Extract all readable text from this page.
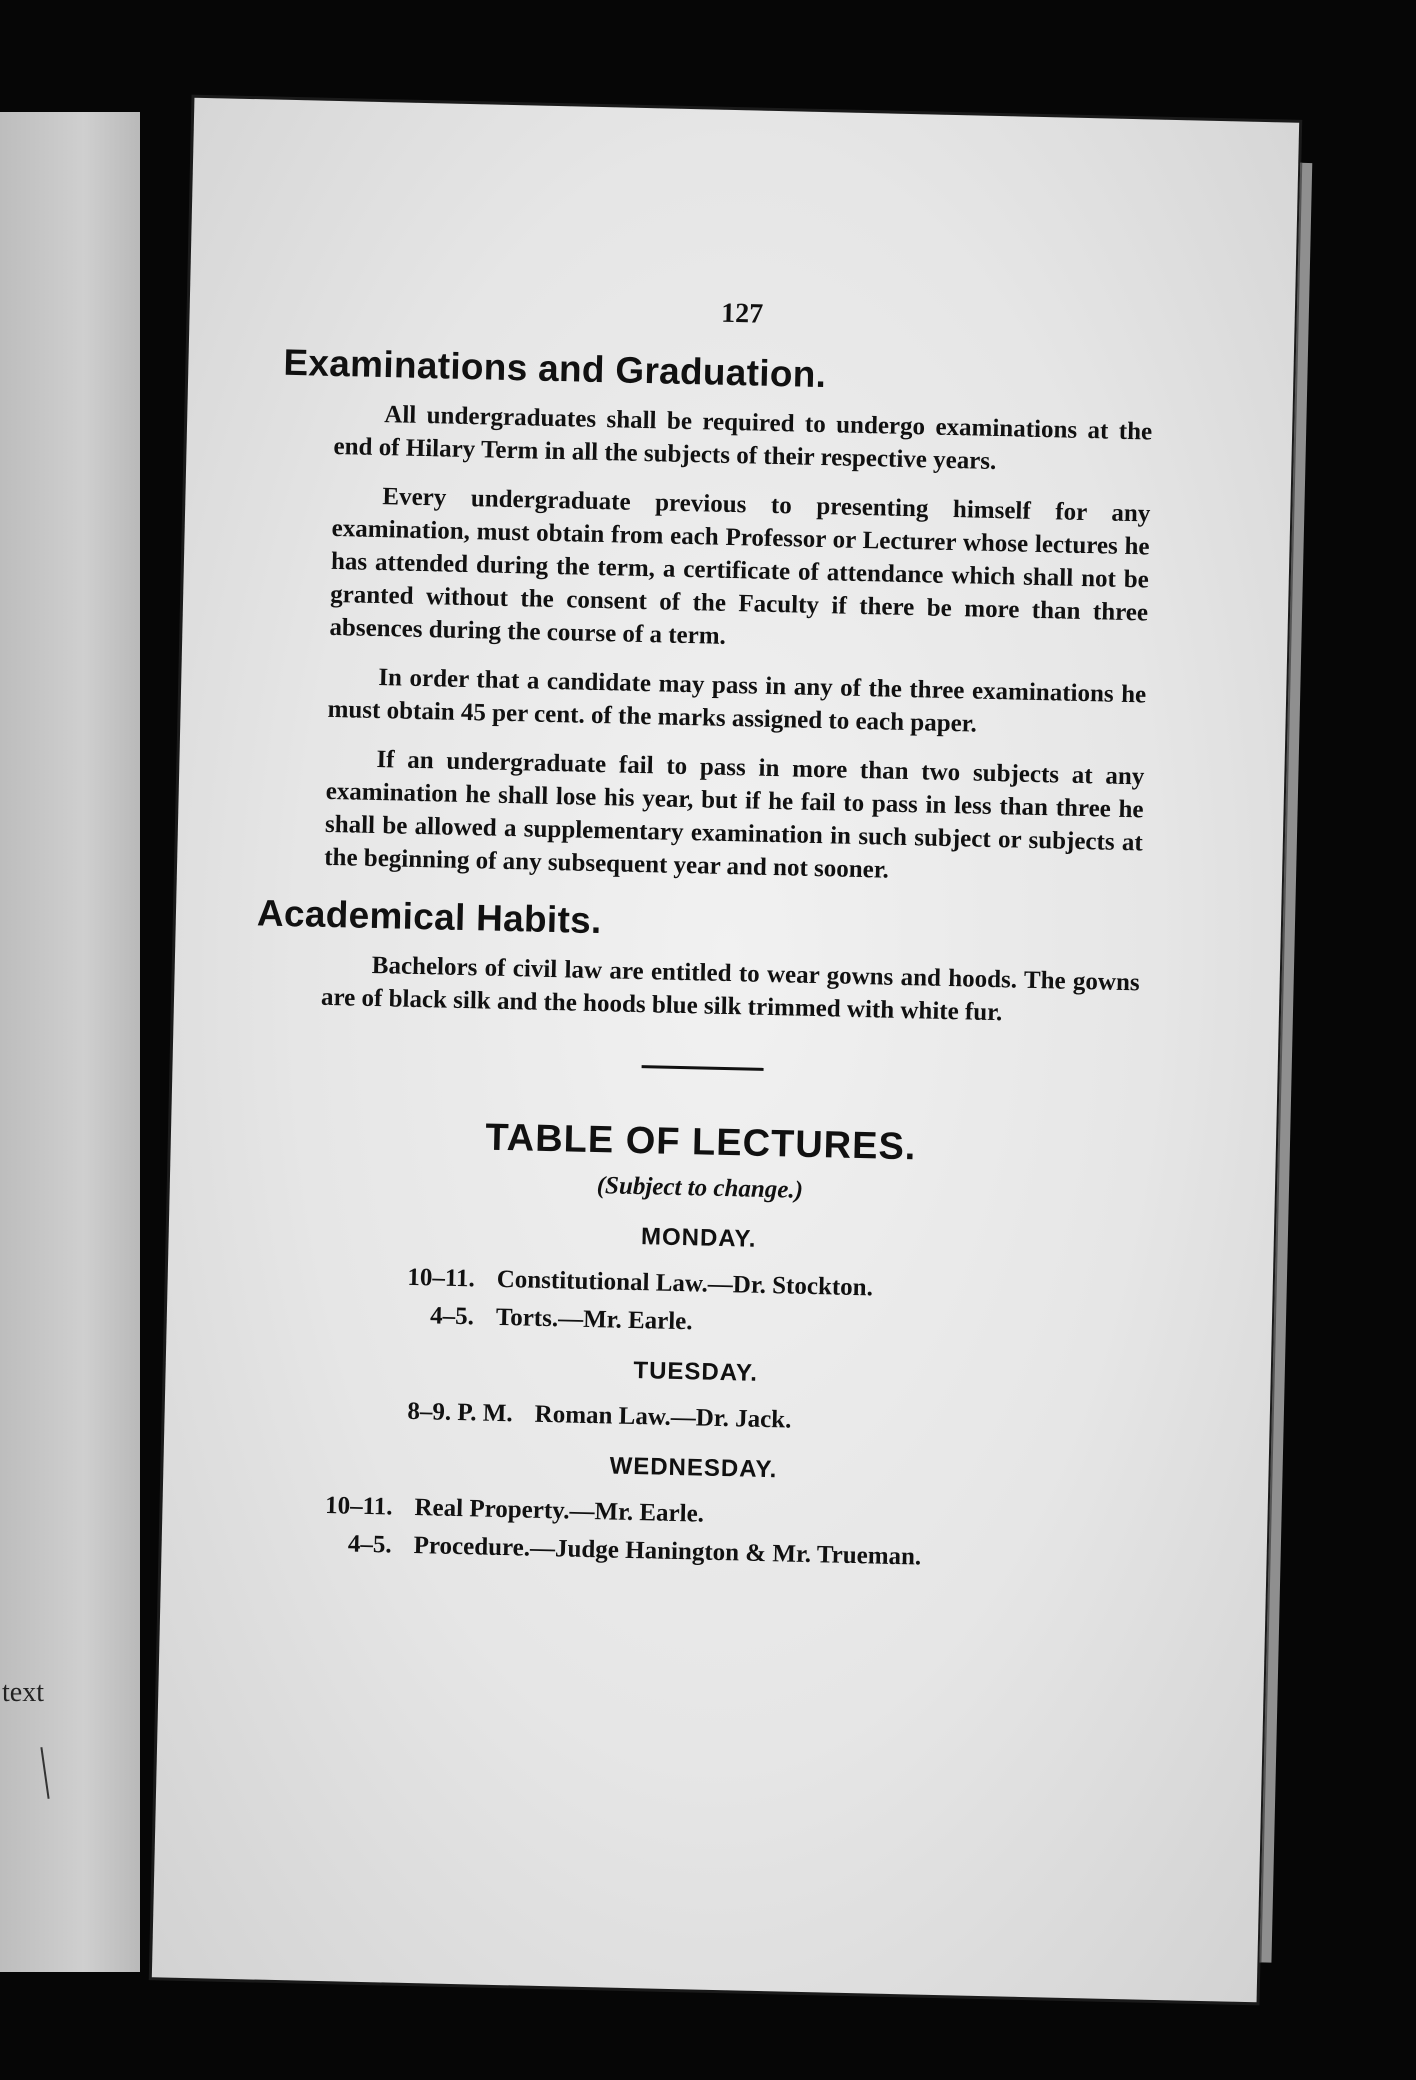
text
127
Examinations and Graduation.

All undergraduates shall be required to undergo examinations at the end of Hilary Term in all the subjects of their respective years.

Every undergraduate previous to presenting himself for any examination, must obtain from each Professor or Lecturer whose lectures he has attended during the term, a certificate of attendance which shall not be granted without the consent of the Faculty if there be more than three absences during the course of a term.

In order that a candidate may pass in any of the three examinations he must obtain 45 per cent. of the marks assigned to each paper.

If an undergraduate fail to pass in more than two subjects at any examination he shall lose his year, but if he fail to pass in less than three he shall be allowed a supplementary examination in such subject or subjects at the beginning of any subsequent year and not sooner.

Academical Habits.

Bachelors of civil law are entitled to wear gowns and hoods. The gowns are of black silk and the hoods blue silk trimmed with white fur.

TABLE OF LECTURES.
(Subject to change.)
MONDAY.
10–11. Constitutional Law.—Dr. Stockton.
4–5. Torts.—Mr. Earle.
TUESDAY.
8–9. P. M. Roman Law.—Dr. Jack.
WEDNESDAY.
10–11. Real Property.—Mr. Earle.
4–5. Procedure.—Judge Hanington & Mr. Trueman.
